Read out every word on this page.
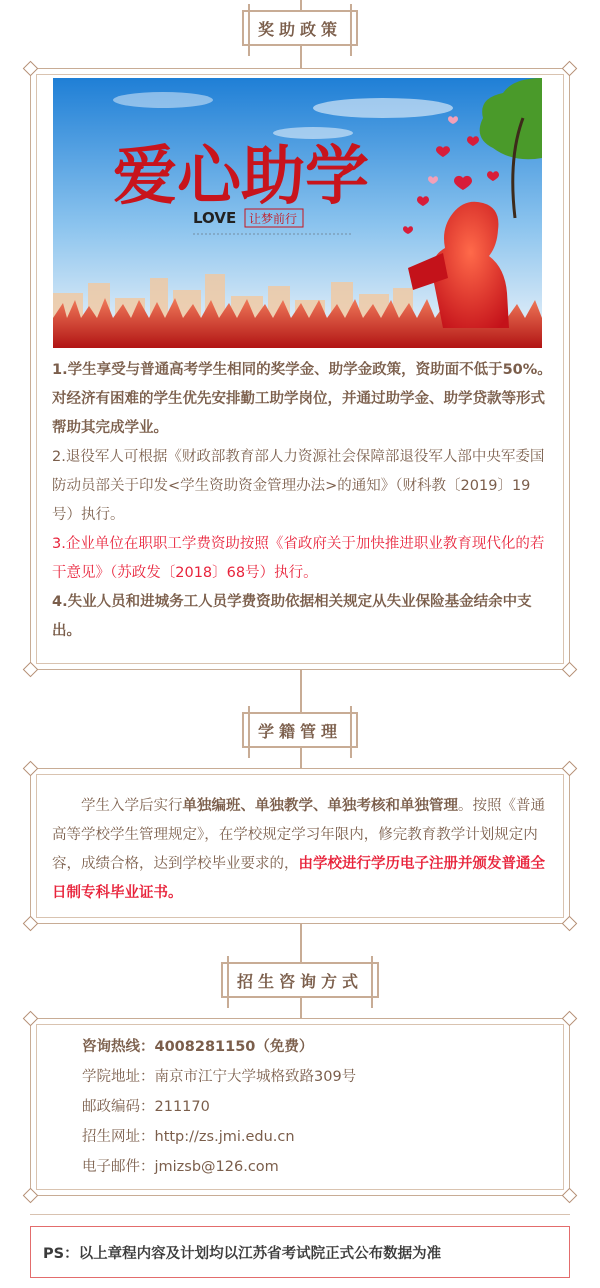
奖助政策
爱心助学
LOVE 让梦前行

1.学生享受与普通高考学生相同的奖学金、助学金政策，资助面不低于50%。对经济有困难的学生优先安排勤工助学岗位，并通过助学金、助学贷款等形式帮助其完成学业。

2.退役军人可根据《财政部教育部人力资源社会保障部退役军人部中央军委国防动员部关于印发<学生资助资金管理办法>的通知》（财科教〔2019〕19号）执行。

3.企业单位在职职工学费资助按照《省政府关于加快推进职业教育现代化的若干意见》（苏政发〔2018〕68号）执行。

4.失业人员和进城务工人员学费资助依据相关规定从失业保险基金结余中支出。

学籍管理
学生入学后实行单独编班、单独教学、单独考核和单独管理。按照《普通高等学校学生管理规定》，在学校规定学习年限内，修完教育教学计划规定内容，成绩合格，达到学校毕业要求的，由学校进行学历电子注册并颁发普通全日制专科毕业证书。
招生咨询方式

咨询热线：4008281150（免费）

学院地址：南京市江宁大学城格致路309号

邮政编码：211170

招生网址：http://zs.jmi.edu.cn

电子邮件：jmizsb@126.com

PS：以上章程内容及计划均以江苏省考试院正式公布数据为准
